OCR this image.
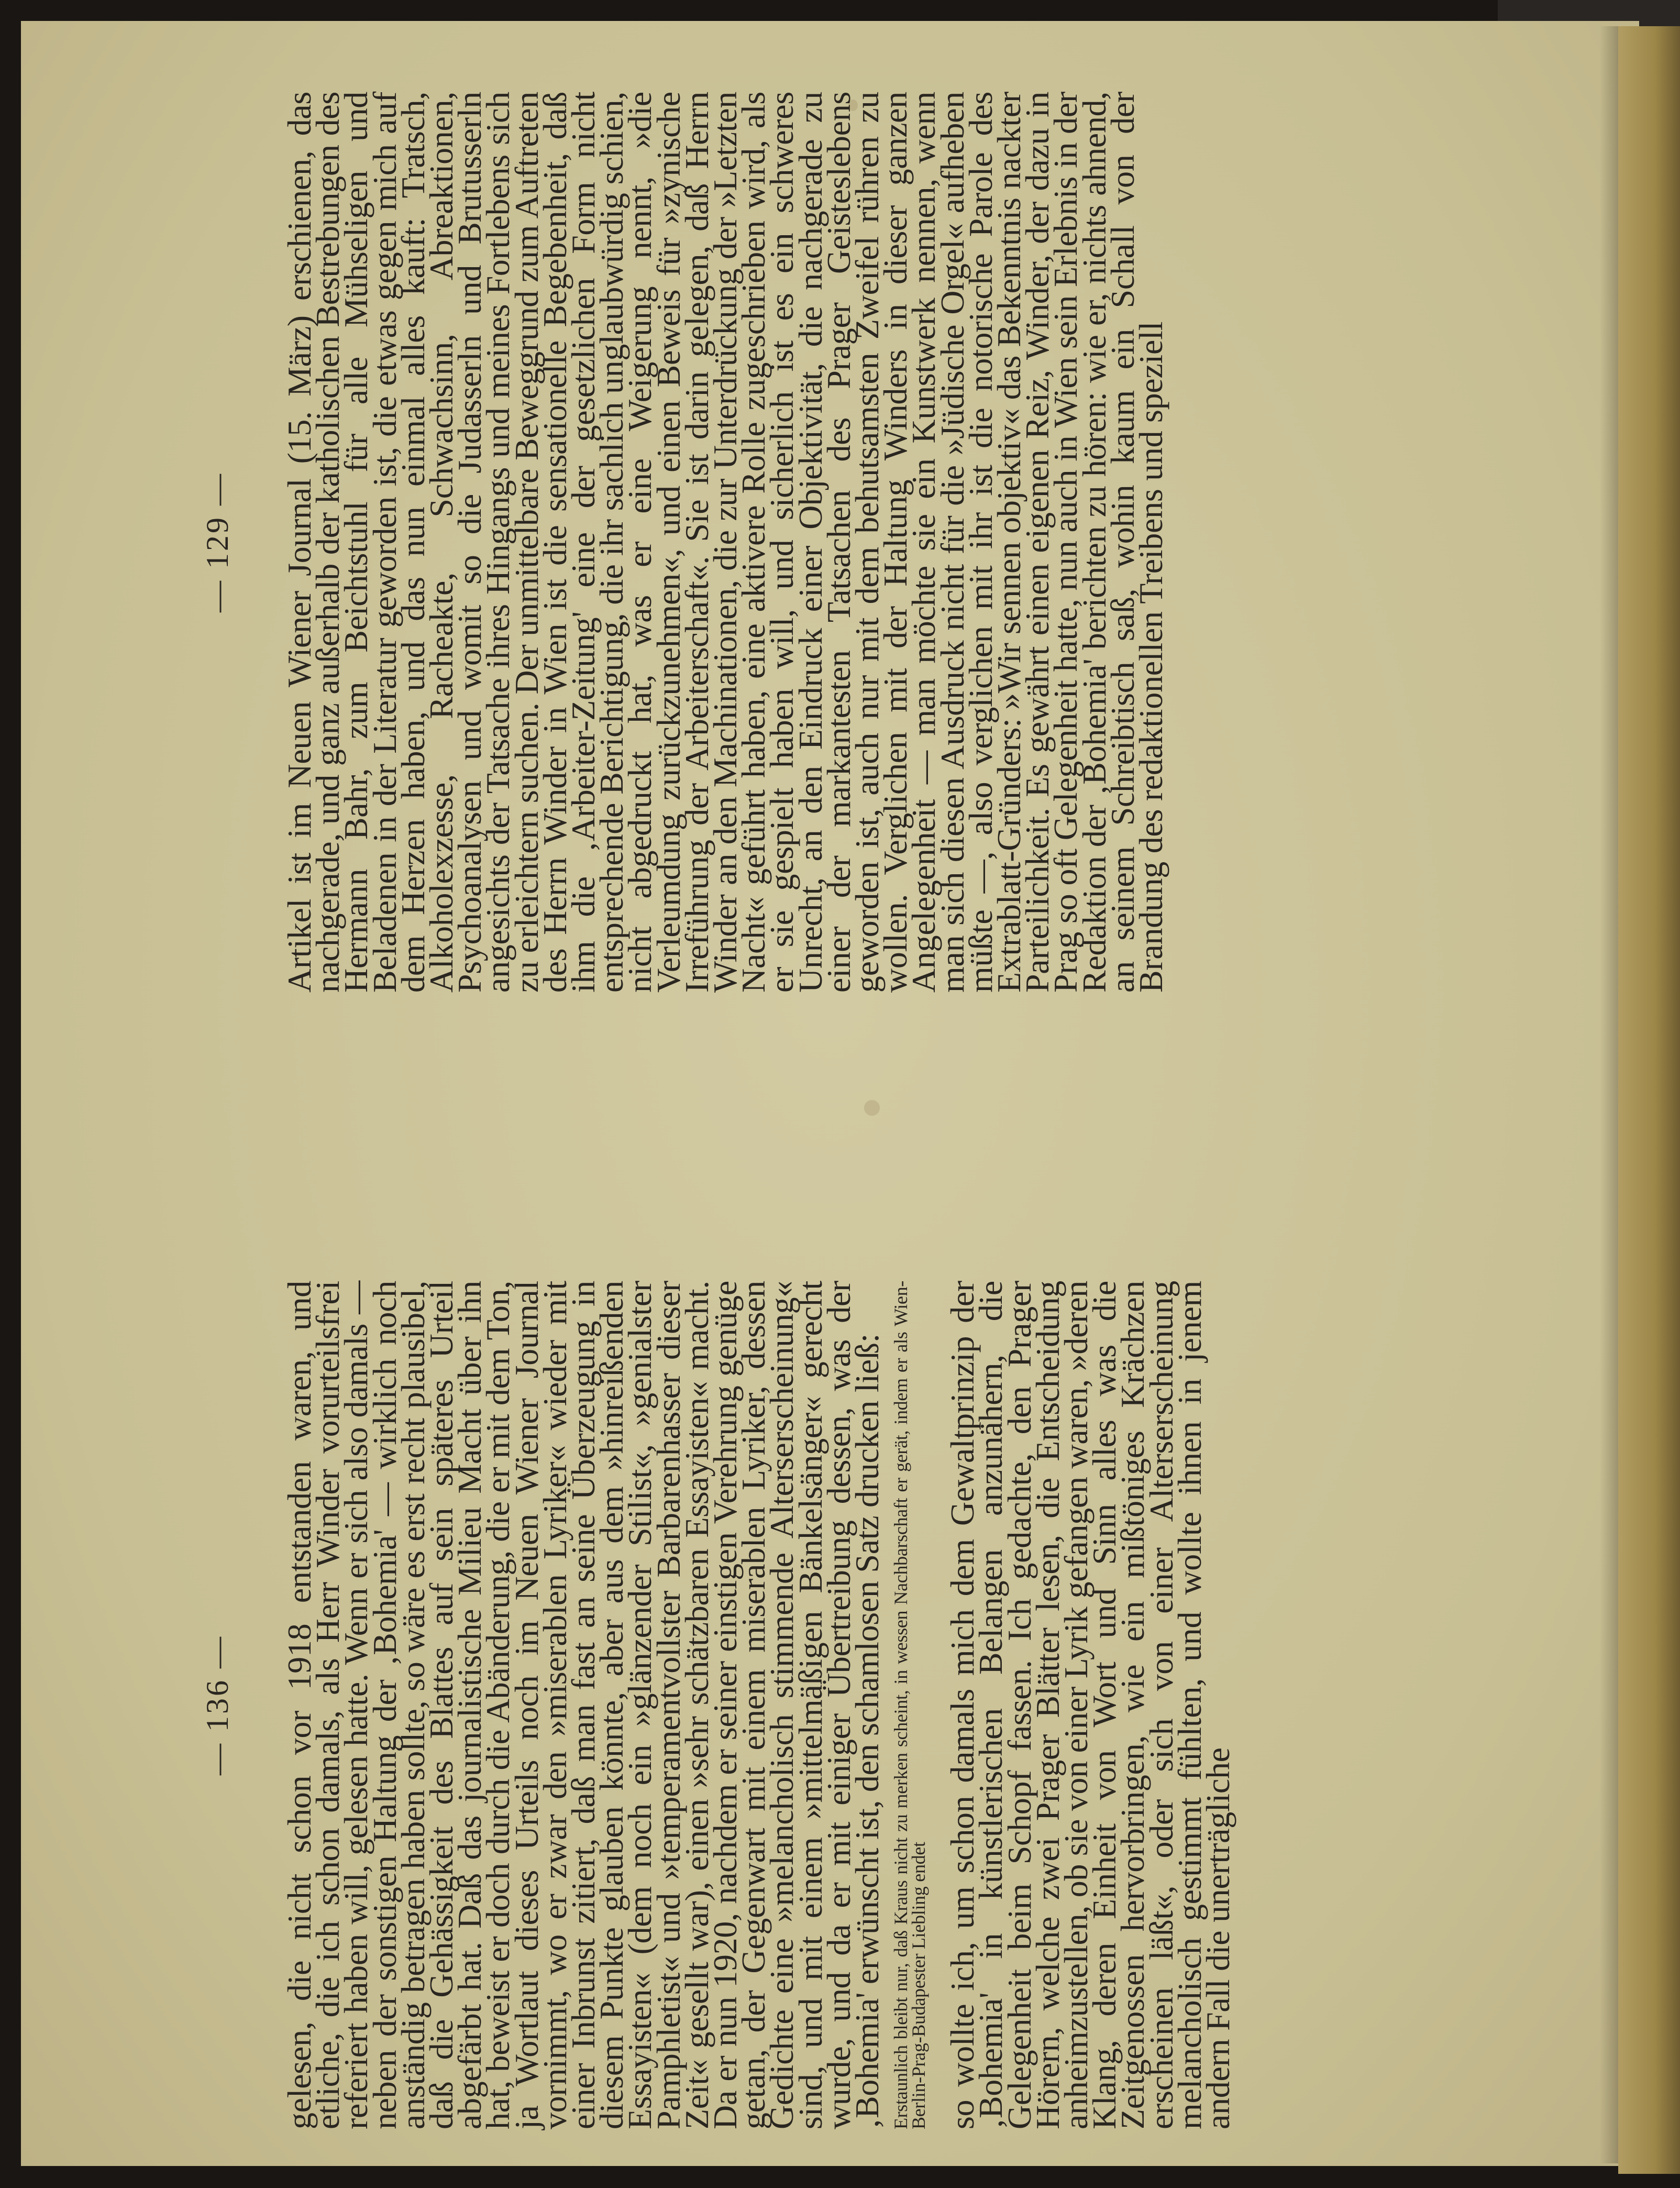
— 136 — gelesen, die nicht schon vor 1918 entstanden waren, und etliche, die ich schon damals, als Herr Winder vorurteilsfrei referiert haben will, gelesen hatte. Wenn er sich also damals — neben der sonstigen Haltung der ‚Bohemia' — wirklich noch anständig betragen haben sollte, so wäre es erst recht plausibel, daß die Gehässigkeit des Blattes auf sein späteres Urteil abgefärbt hat. Daß das journalistische Milieu Macht über ihn hat, beweist er doch durch die Abänderung, die er mit dem Ton, ja Wortlaut dieses Urteils noch im Neuen Wiener Journal vornimmt, wo er zwar den »miserablen Lyriker« wieder mit einer Inbrunst zitiert, daß man fast an seine Überzeugung in diesem Punkte glauben könnte, aber aus dem »hinreißenden Essayisten« (dem noch ein »glänzender Stilist«, »genialster Pamphletist« und »temperamentvollster Barbarenhasser dieser Zeit« gesellt war), einen »sehr schätzbaren Essayisten« macht. Da er nun 1920, nachdem er seiner einstigen Verehrung genüge getan, der Gegenwart mit einem miserablen Lyriker, dessen Gedichte eine »melancholisch stimmende Alterserscheinung« sind, und mit einem »mittelmäßigen Bänkelsänger« gerecht wurde, und da er mit einiger Übertreibung dessen, was der ‚Bohemia' erwünscht ist, den schamlosen Satz drucken ließ: Erstaunlich bleibt nur, daß Kraus nicht zu merken scheint, in wessen Nachbarschaft er gerät, indem er als Wien-Berlin-Prag-Budapester Liebling endet so wollte ich, um schon damals mich dem Gewaltprinzip der ‚Bohemia' in künstlerischen Belangen anzunähern, die Gelegenheit beim Schopf fassen. Ich gedachte, den Prager Hörern, welche zwei Prager Blätter lesen, die Entscheidung anheimzustellen, ob sie von einer Lyrik gefangen waren, »deren Klang, deren Einheit von Wort und Sinn alles was die Zeitgenossen hervorbringen, wie ein mißtöniges Krächzen erscheinen läßt«, oder sich von einer Alterserscheinung melancholisch gestimmt fühlten, und wollte ihnen in jenem andern Fall die unerträgliche

— 129 — Artikel ist im Neuen Wiener Journal (15. März) erschienen, das nachgerade, und ganz außerhalb der katholischen Bestrebungen des Hermann Bahr, zum Beichtstuhl für alle Mühseligen und Beladenen in der Literatur geworden ist, die etwas gegen mich auf dem Herzen haben, und das nun einmal alles kauft: Tratsch, Alkoholexzesse, Racheakte, Schwachsinn, Abreaktionen, Psychoanalysen und womit so die Judasserln und Brutusserln angesichts der Tatsache ihres Hingangs und meines Fortlebens sich zu erleichtern suchen. Der unmittelbare Beweggrund zum Auftreten des Herrn Winder in Wien ist die sensationelle Begebenheit, daß ihm die ‚Arbeiter-Zeitung' eine der gesetzlichen Form nicht entsprechende Berichtigung, die ihr sachlich unglaubwürdig schien, nicht abgedruckt hat, was er eine Weigerung nennt, »die Verleumdung zurückzunehmen«, und einen Beweis für »zynische Irreführung der Arbeiterschaft«. Sie ist darin gelegen, daß Herrn Winder an den Machinationen, die zur Unterdrückung der »Letzten Nacht« geführt haben, eine aktivere Rolle zugeschrieben wird, als er sie gespielt haben will, und sicherlich ist es ein schweres Unrecht, an den Eindruck einer Objektivität, die nachgerade zu einer der markantesten Tatsachen des Prager Geisteslebens geworden ist, auch nur mit dem behutsamsten Zweifel rühren zu wollen. Verglichen mit der Haltung Winders in dieser ganzen Angelegenheit — man möchte sie ein Kunstwerk nennen, wenn man sich diesen Ausdruck nicht für die »Jüdische Orgel« aufheben müßte —, also verglichen mit ihr ist die notorische Parole des Extrablatt-Gründers: »Wir sennen objektiv« das Bekenntnis nackter Parteilichkeit. Es gewährt einen eigenen Reiz, Winder, der dazu in Prag so oft Gelegenheit hatte, nun auch in Wien sein Erlebnis in der Redaktion der ‚Bohemia' berichten zu hören: wie er, nichts ahnend, an seinem Schreibtisch saß, wohin kaum ein Schall von der Brandung des redaktionellen Treibens und speziell
